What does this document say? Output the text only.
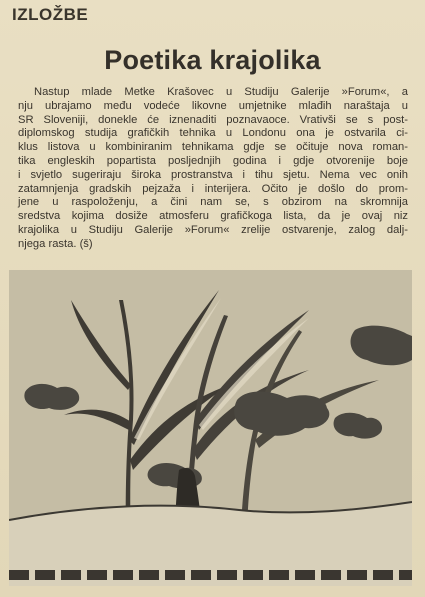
IZLOŽBE
Poetika krajolika
Nastup mlade Metke Krašovec u Studiju Galerije »Forum«, a
nju ubrajamo među vodeće likovne umjetnike mlađih naraštaja u
SR Sloveniji, donekle će iznenaditi poznavaoce. Vrativši se s post-
diplomskog studija grafičkih tehnika u Londonu ona je ostvarila ci-
klus listova u kombiniranim tehnikama gdje se očituje nova roman-
tika engleskih popartista posljednjih godina i gdje otvorenije boje
i svjetlo sugeriraju široka prostranstva i tihu sjetu. Nema vec onih
zatamnjenja gradskih pejzaža i interijera. Očito je došlo do prom-
jene u raspoloženju, a čini nam se, s obzirom na skromnija
sredstva kojima dosiže atmosferu grafičkoga lista, da je ovaj niz
krajolika u Studiju Galerije »Forum« zrelije ostvarenje, zalog dalj-
njega rasta. (š)
